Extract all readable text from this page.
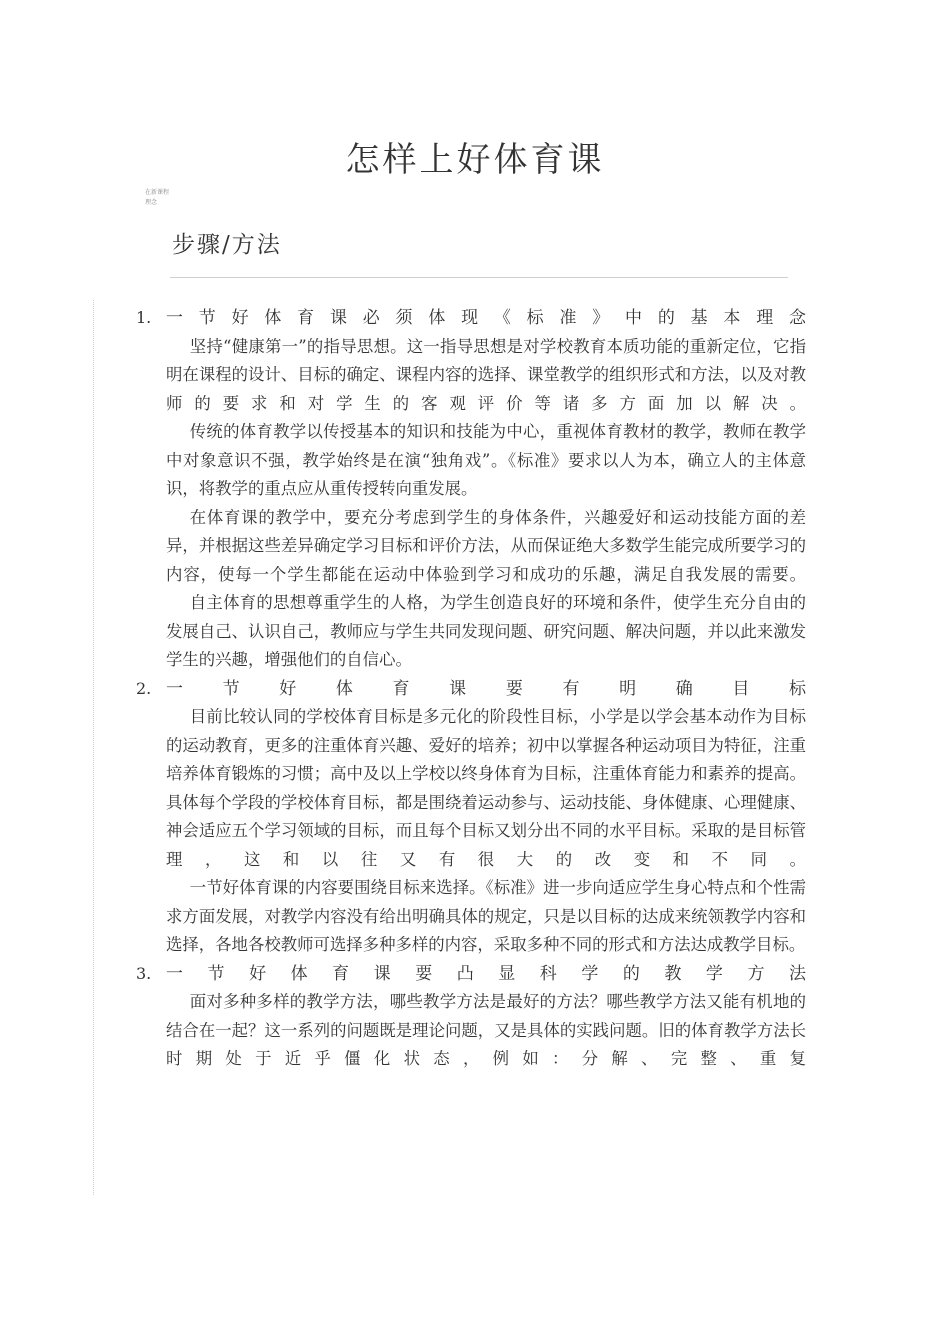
怎样上好体育课
在新课程理念
步骤/方法
1. 一节好体育课必须体现《标准》中的基本理念
坚持“健康第一”的指导思想。这一指导思想是对学校教育本质功能的重新定位，它指明在课程的设计、目标的确定、课程内容的选择、课堂教学的组织形式和方法，以及对教师的要求和对学生的客观评价等诸多方面加以解决。
传统的体育教学以传授基本的知识和技能为中心，重视体育教材的教学，教师在教学中对象意识不强，教学始终是在演“独角戏”。《标准》要求以人为本，确立人的主体意识，将教学的重点应从重传授转向重发展。
在体育课的教学中，要充分考虑到学生的身体条件，兴趣爱好和运动技能方面的差异，并根据这些差异确定学习目标和评价方法，从而保证绝大多数学生能完成所要学习的内容，使每一个学生都能在运动中体验到学习和成功的乐趣，满足自我发展的需要。
自主体育的思想尊重学生的人格，为学生创造良好的环境和条件，使学生充分自由的发展自己、认识自己，教师应与学生共同发现问题、研究问题、解决问题，并以此来激发学生的兴趣，增强他们的自信心。
2. 一节好体育课要有明确目标
目前比较认同的学校体育目标是多元化的阶段性目标，小学是以学会基本动作为目标的运动教育，更多的注重体育兴趣、爱好的培养；初中以掌握各种运动项目为特征，注重培养体育锻炼的习惯；高中及以上学校以终身体育为目标，注重体育能力和素养的提高。具体每个学段的学校体育目标，都是围绕着运动参与、运动技能、身体健康、心理健康、神会适应五个学习领域的目标，而且每个目标又划分出不同的水平目标。采取的是目标管理，这和以往又有很大的改变和不同。
一节好体育课的内容要围绕目标来选择。《标准》进一步向适应学生身心特点和个性需求方面发展，对教学内容没有给出明确具体的规定，只是以目标的达成来统领教学内容和选择，各地各校教师可选择多种多样的内容，采取多种不同的形式和方法达成教学目标。
3. 一节好体育课要凸显科学的教学方法
面对多种多样的教学方法，哪些教学方法是最好的方法？哪些教学方法又能有机地的结合在一起？这一系列的问题既是理论问题，又是具体的实践问题。旧的体育教学方法长时期处于近乎僵化状态，例如：分解、完整、重复
